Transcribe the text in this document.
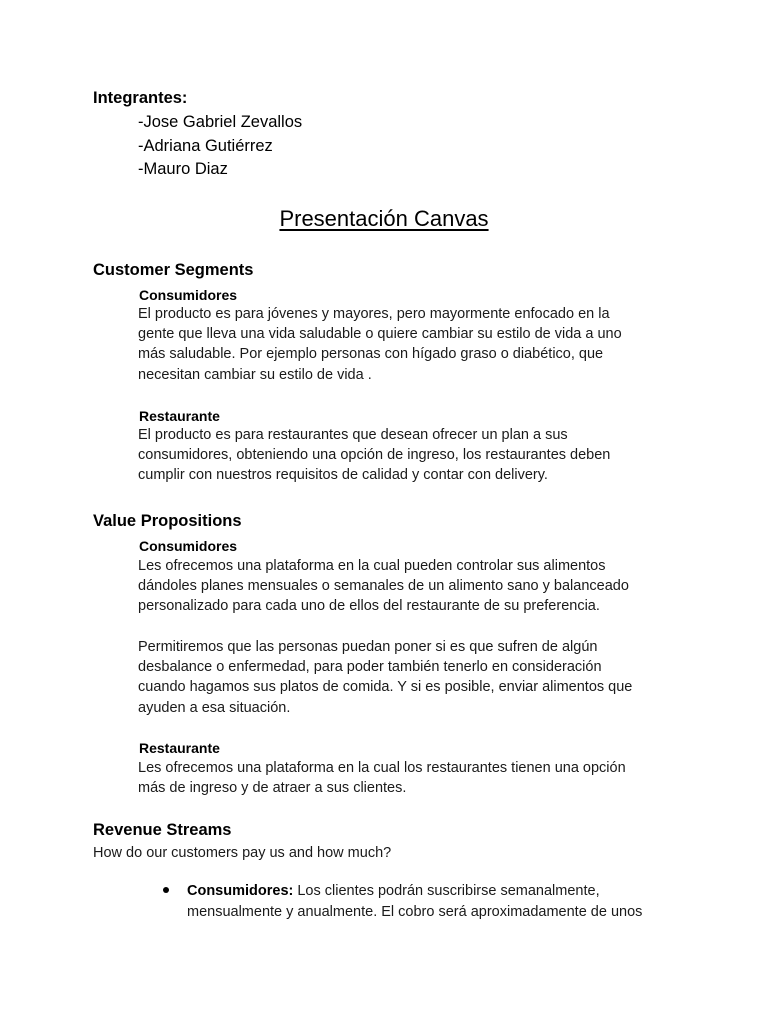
Integrantes:
-Jose Gabriel Zevallos
-Adriana Gutiérrez
-Mauro Diaz
Presentación Canvas
Customer Segments
Consumidores
El producto es para jóvenes y mayores, pero mayormente enfocado en la
gente que lleva una vida saludable o quiere cambiar su estilo de vida a uno
más saludable. Por ejemplo personas con hígado graso o diabético, que
necesitan cambiar su estilo de vida .
Restaurante
El producto es para restaurantes que desean ofrecer un plan a sus
consumidores, obteniendo una opción de ingreso, los restaurantes deben
cumplir con nuestros requisitos de calidad y contar con delivery.
Value Propositions
Consumidores
Les ofrecemos una plataforma en la cual pueden controlar sus alimentos
dándoles planes mensuales o semanales de un alimento sano y balanceado
personalizado para cada uno de ellos del restaurante de su preferencia.
Permitiremos que las personas puedan poner si es que sufren de algún
desbalance o enfermedad, para poder también tenerlo en consideración
cuando hagamos sus platos de comida. Y si es posible, enviar alimentos que
ayuden a esa situación.
Restaurante
Les ofrecemos una plataforma en la cual los restaurantes tienen una opción
más de ingreso y de atraer a sus clientes.
Revenue Streams
How do our customers pay us and how much?
Consumidores: Los clientes podrán suscribirse semanalmente,
mensualmente y anualmente. El cobro será aproximadamente de unos
